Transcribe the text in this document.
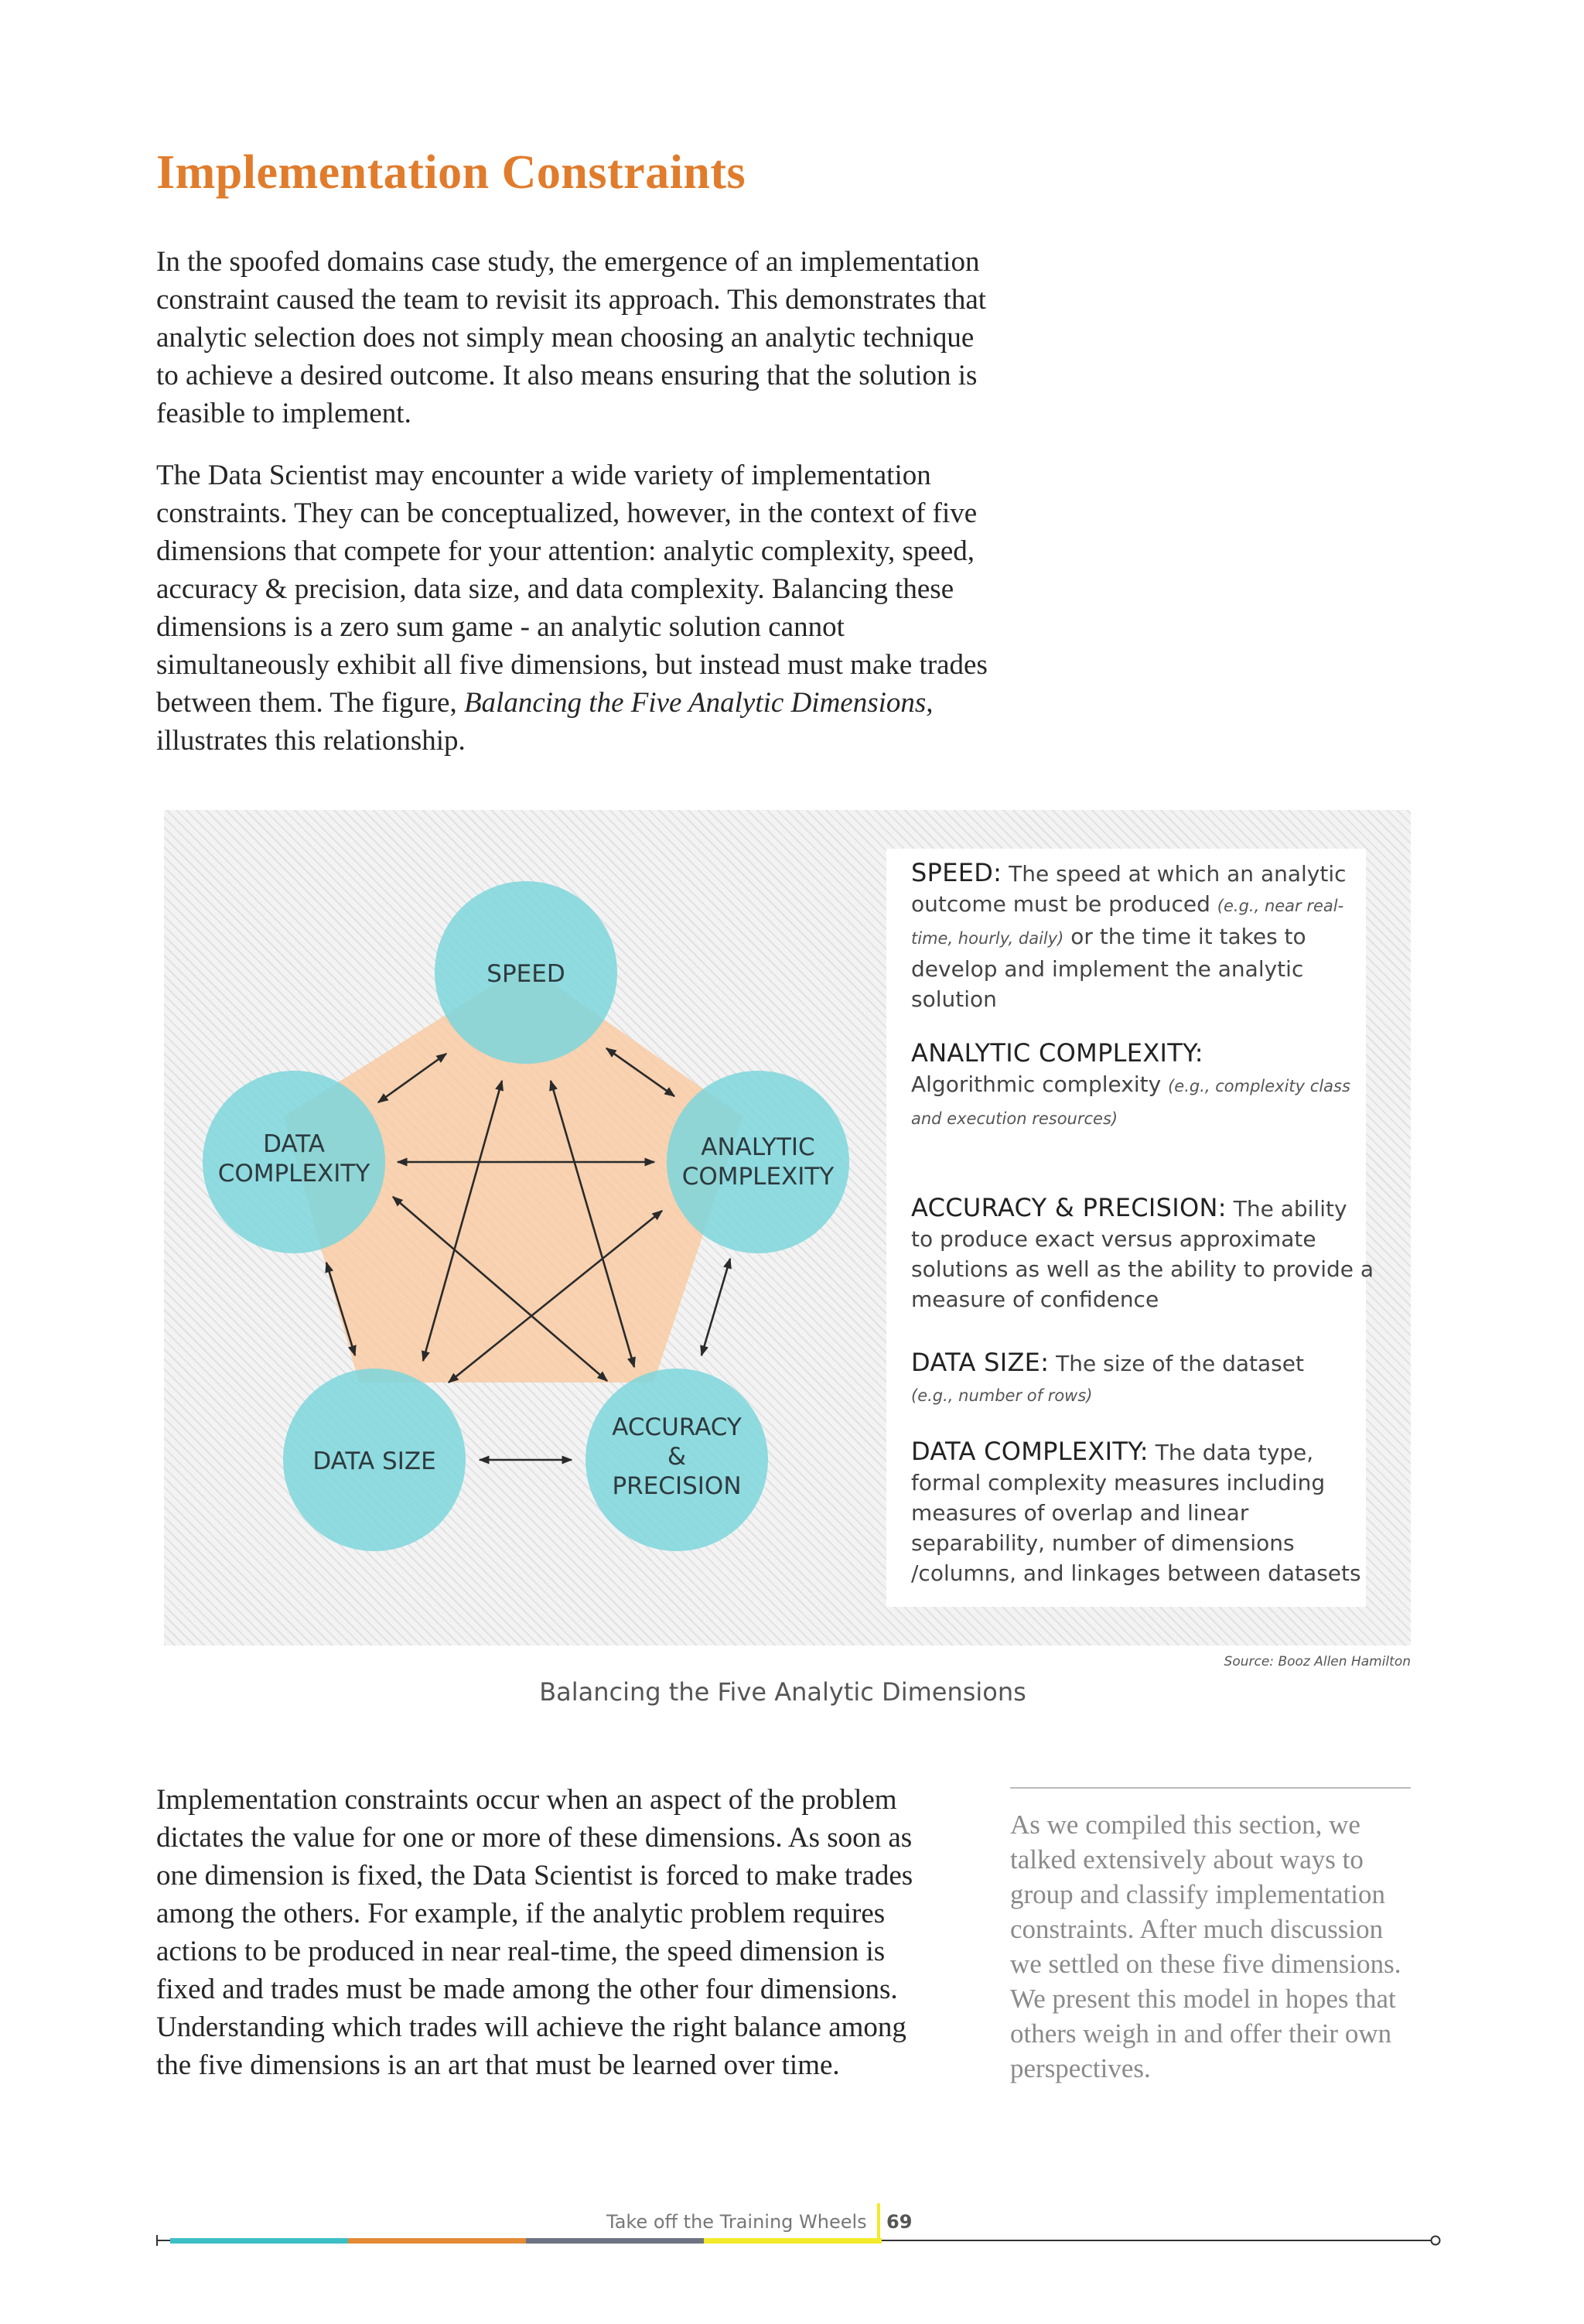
Implementation Constraints

In the spoofed domains case study, the emergence of an implementation constraint caused the team to revisit its approach. This demonstrates that analytic selection does not simply mean choosing an analytic technique to achieve a desired outcome. It also means ensuring that the solution is feasible to implement.

The Data Scientist may encounter a wide variety of implementation constraints. They can be conceptualized, however, in the context of five dimensions that compete for your attention: analytic complexity, speed, accuracy & precision, data size, and data complexity. Balancing these dimensions is a zero sum game - an analytic solution cannot simultaneously exhibit all five dimensions, but instead must make trades between them. The figure, Balancing the Five Analytic Dimensions, illustrates this relationship.

SPEED
ANALYTIC
COMPLEXITY
ACCURACY
&
PRECISION
DATA SIZE
DATA
COMPLEXITY

SPEED: The speed at which an analytic outcome must be produced (e.g., near real-time, hourly, daily) or the time it takes to develop and implement the analytic solution

ANALYTIC COMPLEXITY:
Algorithmic complexity (e.g., complexity class and execution resources)

ACCURACY & PRECISION: The ability to produce exact versus approximate solutions as well as the ability to provide a measure of confidence

DATA SIZE: The size of the dataset
(e.g., number of rows)

DATA COMPLEXITY: The data type, formal complexity measures including measures of overlap and linear separability, number of dimensions /columns, and linkages between datasets

Source: Booz Allen Hamilton
Balancing the Five Analytic Dimensions

Implementation constraints occur when an aspect of the problem dictates the value for one or more of these dimensions. As soon as one dimension is fixed, the Data Scientist is forced to make trades among the others. For example, if the analytic problem requires actions to be produced in near real-time, the speed dimension is fixed and trades must be made among the other four dimensions. Understanding which trades will achieve the right balance among the five dimensions is an art that must be learned over time.

As we compiled this section, we talked extensively about ways to group and classify implementation constraints. After much discussion we settled on these five dimensions. We present this model in hopes that others weigh in and offer their own perspectives.

Take off the Training Wheels 69
